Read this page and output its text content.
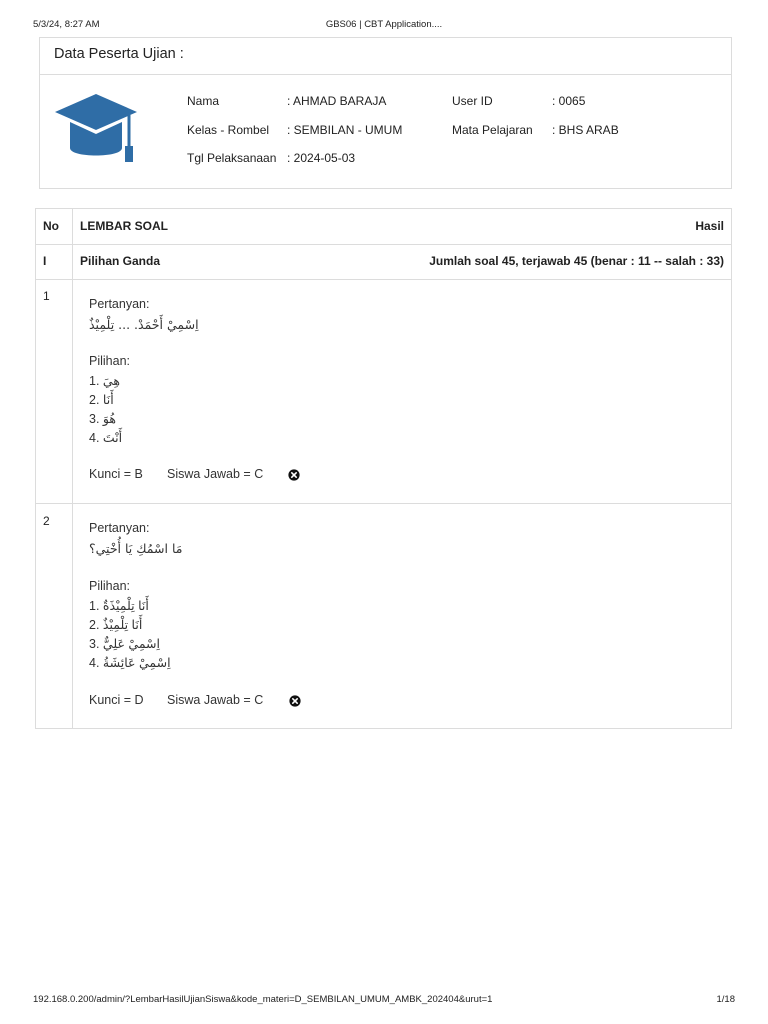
5/3/24, 8:27 AM	GBS06 | CBT Application....
Data Peserta Ujian :
Nama	: AHMAD BARAJA	User ID	: 0065
Kelas - Rombel : SEMBILAN - UMUM	Mata Pelajaran : BHS ARAB
Tgl Pelaksanaan : 2024-05-03
No LEMBAR SOAL	Hasil
I	Pilihan Ganda	Jumlah soal 45, terjawab 45 (benar : 11 -- salah : 33)
1
Pertanyan:
اِسْمِيْ أَحْمَدْ. ... تِلْمِيْذٌ
Pilihan:
1. هِيَ
2. أَنَا
3. هُوَ
4. أَنْتَ
Kunci = B Siswa Jawab = C
2	Pertanyan:
مَا اسْمُكِ يَا أُخْتِي؟
Pilihan:
1. أَنَا تِلْمِيْذَةٌ
2. أَنَا تِلْمِيْذٌ
3. اِسْمِيْ عَلِيٌّ
4. اِسْمِيْ عَائِشَةُ
Kunci = D Siswa Jawab = C
192.168.0.200/admin/?LembarHasilUjianSiswa&kode_materi=D_SEMBILAN_UMUM_AMBK_202404&urut=1	1/18
